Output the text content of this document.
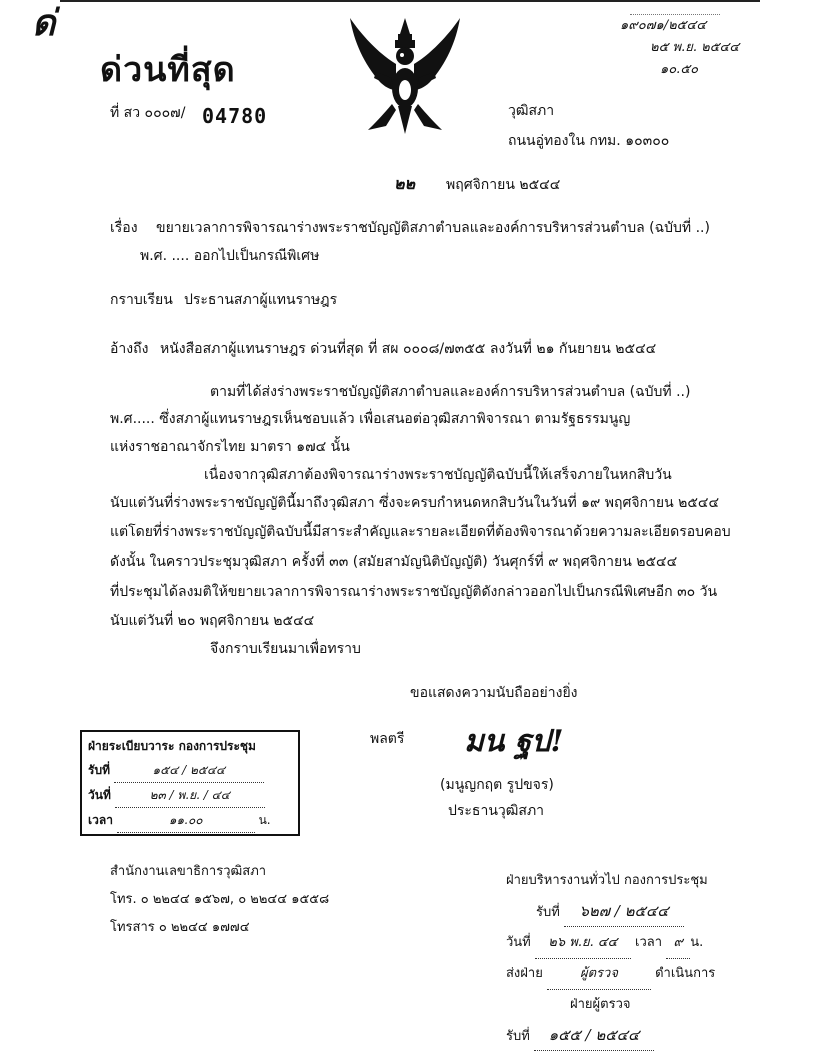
ด่	๑๙๐๗๑/๒๕๔๔
๒๕ พ.ย. ๒๕๔๔
๑๐.๕๐
ด่วนที่สุด
ที่ สว ๐๐๐๗/ 04780	วุฒิสภา
ถนนอู่ทองใน กทม. ๑๐๓๐๐
๒๒ พฤศจิกายน ๒๕๔๔
เรื่อง ขยายเวลาการพิจารณาร่างพระราชบัญญัติสภาตำบลและองค์การบริหารส่วนตำบล (ฉบับที่ ..)
พ.ศ. .... ออกไปเป็นกรณีพิเศษ
กราบเรียน ประธานสภาผู้แทนราษฎร
อ้างถึง หนังสือสภาผู้แทนราษฎร ด่วนที่สุด ที่ สผ ๐๐๐๘/๗๓๕๕ ลงวันที่ ๒๑ กันยายน ๒๕๔๔
ตามที่ได้ส่งร่างพระราชบัญญัติสภาตำบลและองค์การบริหารส่วนตำบล (ฉบับที่ ..)
พ.ศ..... ซึ่งสภาผู้แทนราษฎรเห็นชอบแล้ว เพื่อเสนอต่อวุฒิสภาพิจารณา ตามรัฐธรรมนูญ
แห่งราชอาณาจักรไทย มาตรา ๑๗๔ นั้น
เนื่องจากวุฒิสภาต้องพิจารณาร่างพระราชบัญญัติฉบับนี้ให้เสร็จภายในหกสิบวัน
นับแต่วันที่ร่างพระราชบัญญัตินี้มาถึงวุฒิสภา ซึ่งจะครบกำหนดหกสิบวันในวันที่ ๑๙ พฤศจิกายน ๒๕๔๔
แต่โดยที่ร่างพระราชบัญญัติฉบับนี้มีสาระสำคัญและรายละเอียดที่ต้องพิจารณาด้วยความละเอียดรอบคอบ
ดังนั้น ในคราวประชุมวุฒิสภา ครั้งที่ ๓๓ (สมัยสามัญนิติบัญญัติ) วันศุกร์ที่ ๙ พฤศจิกายน ๒๕๔๔
ที่ประชุมได้ลงมติให้ขยายเวลาการพิจารณาร่างพระราชบัญญัติดังกล่าวออกไปเป็นกรณีพิเศษอีก ๓๐ วัน
นับแต่วันที่ ๒๐ พฤศจิกายน ๒๕๔๔
จึงกราบเรียนมาเพื่อทราบ
ขอแสดงความนับถืออย่างยิ่ง
พลตรี มน ฐป!
(มนูญกฤต รูปขจร)
ประธานวุฒิสภา
ฝ่ายระเบียบวาระ กองการประชุม
รับที่	๑๕๔ / ๒๕๔๔
วันที่	๒๓ / พ.ย. / ๔๔
เวลา	๑๑.๐๐	น.
สำนักงานเลขาธิการวุฒิสภา
โทร. ๐ ๒๒๔๔ ๑๕๖๗, ๐ ๒๒๔๔ ๑๕๕๘
โทรสาร ๐ ๒๒๔๔ ๑๗๗๔
ฝ่ายบริหารงานทั่วไป กองการประชุม
รับที่ ๖๒๗ / ๒๕๔๔
วันที่ ๒๖ พ.ย. ๔๔ เวลา ๙ น.
ส่งฝ่าย	ผู้ตรวจ	ดำเนินการ
ฝ่ายผู้ตรวจ
รับที่ ๑๕๕ / ๒๕๔๔
